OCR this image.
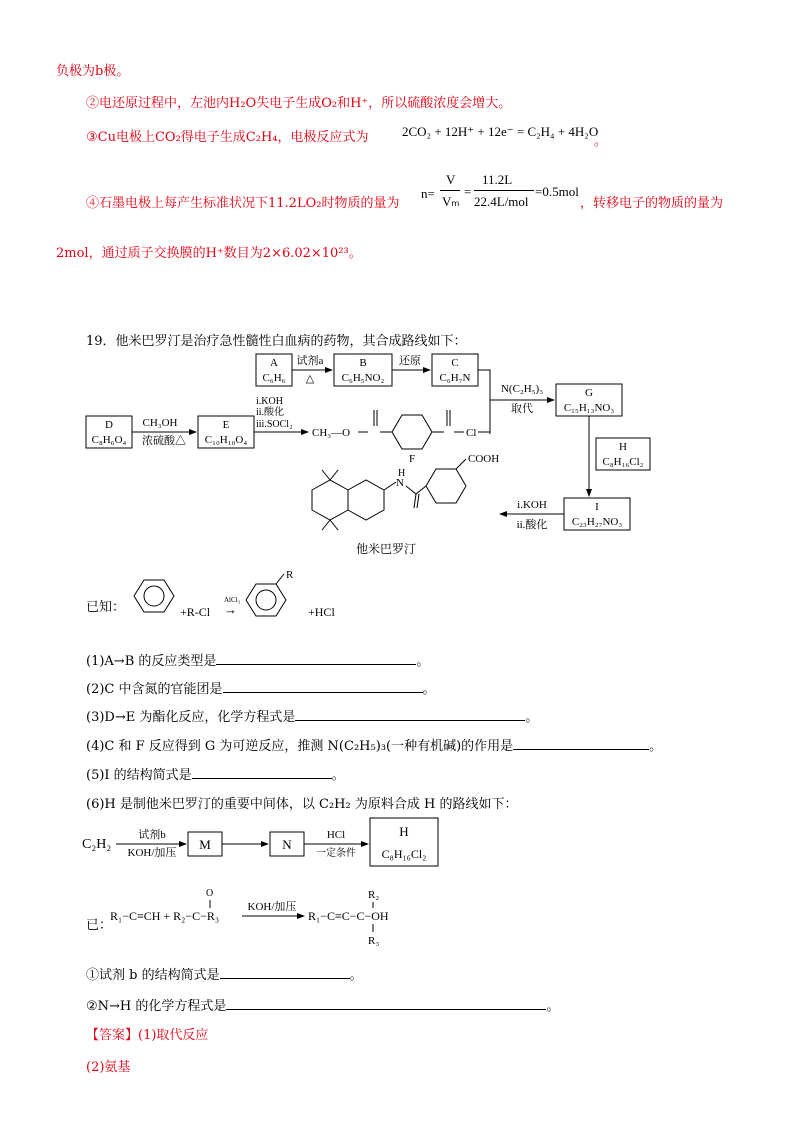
负极为b极。
②电还原过程中，左池内H₂O失电子生成O₂和H⁺，所以硫酸浓度会增大。
③Cu电极上CO₂得电子生成C₂H₄，电极反应式为	2CO₂ + 12H⁺ + 12e⁻ = C₂H₄ + 4H₂O
。
④石墨电极上每产生标准状况下11.2LO₂时物质的量为
n=
V
Vₘ
=
11.2L
22.4L/mol
=0.5mol
，转移电子的物质的量为
2mol，通过质子交换膜的H⁺数目为2×6.02×10²³。
19．他米巴罗汀是治疗急性髓性白血病的药物，其合成路线如下：
A
C₆H₆
试剂a
△
B
C₆H₅NO₂
还原	C
C₆H₇N
N(C₂H₅)₃
取代
G
C₁₅H₁₃NO₃
H
C₈H₁₆Cl₂
I
C₂₃H₂₇NO₃
i.KOH
ii.酸化
D
C₈H₆O₄
CH₃OH
浓硫酸△
E
C₁₀H₁₀O₄
i.KOH
ii.酸化
iii.SOCl₂
CH₃—O	Cl
F
N
H
COOH
他米巴罗汀
已知：	+R-Cl
AlCl₃
→
R
+HCl
(1)A→B 的反应类型是	。
(2)C 中含氮的官能团是	。
(3)D→E 为酯化反应，化学方程式是	。
(4)C 和 F 反应得到 G 为可逆反应，推测 N(C₂H₅)₃(一种有机碱)的作用是	。
(5)I 的结构简式是	。
(6)H 是制他米巴罗汀的重要中间体，以 C₂H₂ 为原料合成 H 的路线如下：
C₂H₂
试剂b
KOH/加压
M	N
HCl
一定条件
H
C₈H₁₆Cl₂
已：
R₁−C≡CH + R₂−C−R₃
O
KOH/加压
R₁−C≡C−C−OH
R₂
R₃
①试剂 b 的结构简式是	。
②N→H 的化学方程式是	。
【答案】(1)取代反应
(2)氨基
